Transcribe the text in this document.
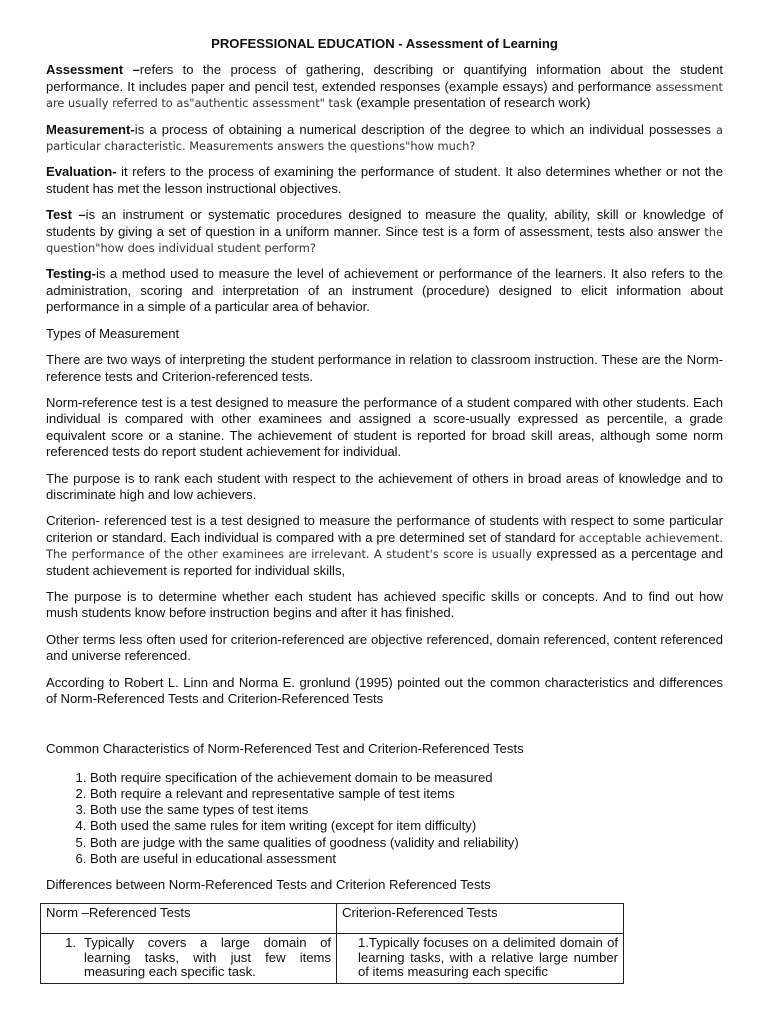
PROFESSIONAL EDUCATION - Assessment of Learning

Assessment –refers to the process of gathering, describing or quantifying information about the student performance. It includes paper and pencil test, extended responses (example essays) and performance assessment are usually referred to as"authentic assessment" task (example presentation of research work)

Measurement-is a process of obtaining a numerical description of the degree to which an individual possesses a particular characteristic. Measurements answers the questions"how much?

Evaluation- it refers to the process of examining the performance of student. It also determines whether or not the student has met the lesson instructional objectives.

Test –is an instrument or systematic procedures designed to measure the quality, ability, skill or knowledge of students by giving a set of question in a uniform manner. Since test is a form of assessment, tests also answer the question"how does individual student perform?

Testing-is a method used to measure the level of achievement or performance of the learners. It also refers to the administration, scoring and interpretation of an instrument (procedure) designed to elicit information about performance in a simple of a particular area of behavior.

Types of Measurement

There are two ways of interpreting the student performance in relation to classroom instruction. These are the Norm-reference tests and Criterion-referenced tests.

Norm-reference test is a test designed to measure the performance of a student compared with other students. Each individual is compared with other examinees and assigned a score-usually expressed as percentile, a grade equivalent score or a stanine. The achievement of student is reported for broad skill areas, although some norm referenced tests do report student achievement for individual.

The purpose is to rank each student with respect to the achievement of others in broad areas of knowledge and to discriminate high and low achievers.

Criterion- referenced test is a test designed to measure the performance of students with respect to some particular criterion or standard. Each individual is compared with a pre determined set of standard for acceptable achievement. The performance of the other examinees are irrelevant. A student's score is usually expressed as a percentage and student achievement is reported for individual skills,

The purpose is to determine whether each student has achieved specific skills or concepts. And to find out how mush students know before instruction begins and after it has finished.

Other terms less often used for criterion-referenced are objective referenced, domain referenced, content referenced and universe referenced.

According to Robert L. Linn and Norma E. gronlund (1995) pointed out the common characteristics and differences of Norm-Referenced Tests and Criterion-Referenced Tests

Common Characteristics of Norm-Referenced Test and Criterion-Referenced Tests

1. Both require specification of the achievement domain to be measured
2. Both require a relevant and representative sample of test items
3. Both use the same types of test items
4. Both used the same rules for item writing (except for item difficulty)
5. Both are judge with the same qualities of goodness (validity and reliability)
6. Both are useful in educational assessment

Differences between Norm-Referenced Tests and Criterion Referenced Tests

Norm –Referenced Tests	Criterion-Referenced Tests

1. Typically covers a large domain of learning tasks, with just few items measuring each specific task.	1.Typically focuses on a delimited domain of learning tasks, with a relative large number of items measuring each specific
